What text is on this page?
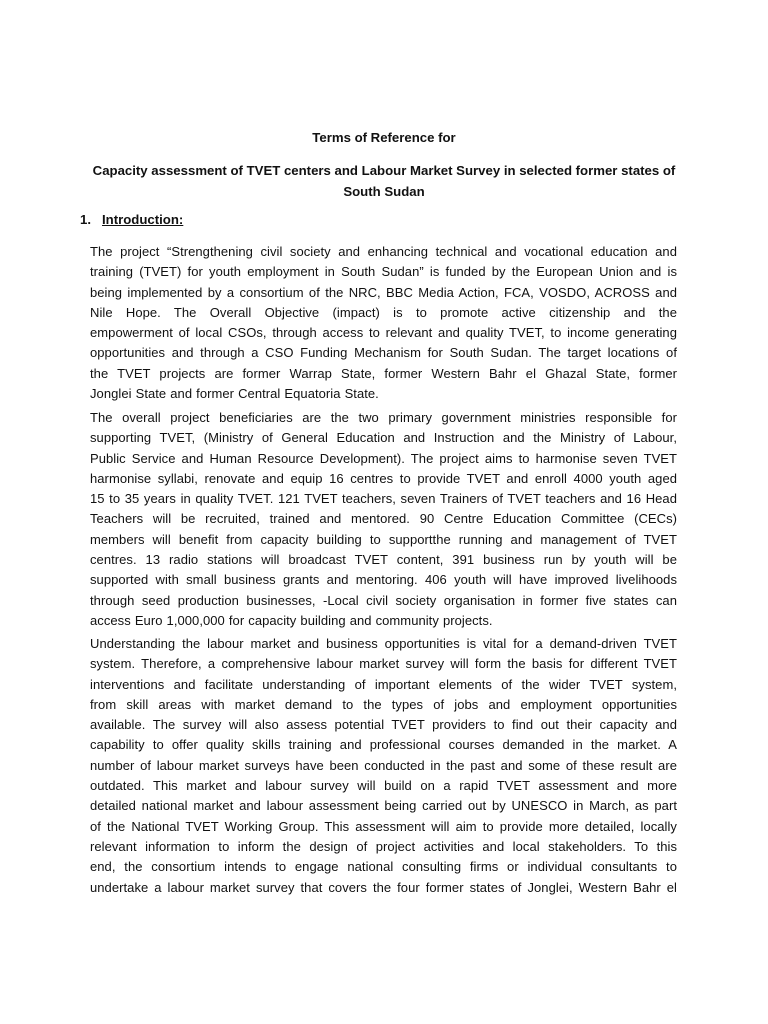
Terms of Reference for
Capacity assessment of TVET centers and Labour Market Survey in selected former states of South Sudan
1. Introduction:
The project “Strengthening civil society and enhancing technical and vocational education and
training (TVET) for youth employment in South Sudan” is funded by the European Union and is
being implemented by a consortium of the NRC, BBC Media Action, FCA, VOSDO, ACROSS and
Nile Hope. The Overall Objective (impact) is to promote active citizenship and the
empowerment of local CSOs, through access to relevant and quality TVET, to income generating
opportunities and through a CSO Funding Mechanism for South Sudan. The target locations of
the TVET projects are former Warrap State, former Western Bahr el Ghazal State, former
Jonglei State and former Central Equatoria State.
The overall project beneficiaries are the two primary government ministries responsible for
supporting TVET, (Ministry of General Education and Instruction and the Ministry of Labour,
Public Service and Human Resource Development). The project aims to harmonise seven TVET
harmonise syllabi, renovate and equip 16 centres to provide TVET and enroll 4000 youth aged
15 to 35 years in quality TVET. 121 TVET teachers, seven Trainers of TVET teachers and 16 Head
Teachers will be recruited, trained and mentored. 90 Centre Education Committee (CECs)
members will benefit from capacity building to supportthe running and management of TVET
centres. 13 radio stations will broadcast TVET content, 391 business run by youth will be
supported with small business grants and mentoring. 406 youth will have improved livelihoods
through seed production businesses, -Local civil society organisation in former five states can
access Euro 1,000,000 for capacity building and community projects.
Understanding the labour market and business opportunities is vital for a demand-driven TVET
system. Therefore, a comprehensive labour market survey will form the basis for different TVET
interventions and facilitate understanding of important elements of the wider TVET system,
from skill areas with market demand to the types of jobs and employment opportunities
available. The survey will also assess potential TVET providers to find out their capacity and
capability to offer quality skills training and professional courses demanded in the market. A
number of labour market surveys have been conducted in the past and some of these result are
outdated. This market and labour survey will build on a rapid TVET assessment and more
detailed national market and labour assessment being carried out by UNESCO in March, as part
of the National TVET Working Group. This assessment will aim to provide more detailed, locally
relevant information to inform the design of project activities and local stakeholders. To this
end, the consortium intends to engage national consulting firms or individual consultants to
undertake a labour market survey that covers the four former states of Jonglei, Western Bahr el
